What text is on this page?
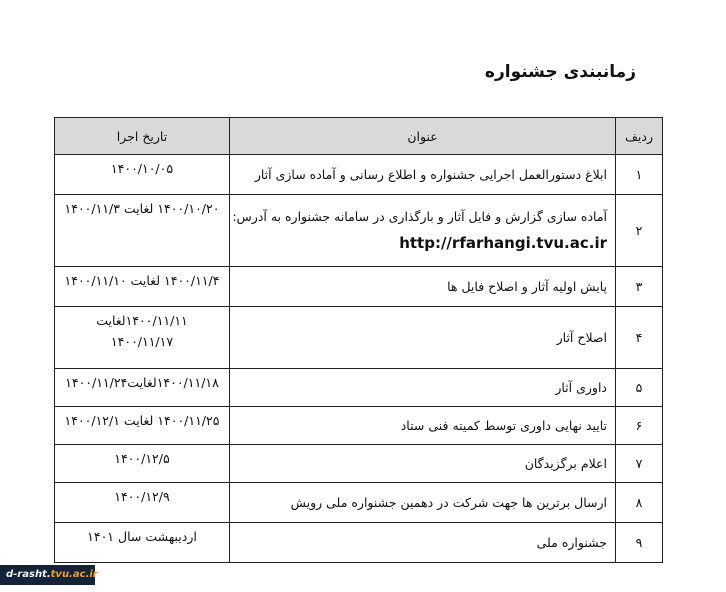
زمانبندی جشنواره
ردیف	عنوان	تاریخ اجرا
۱	ابلاغ دستورالعمل اجرایی جشنواره و اطلاع رسانی و آماده سازی آثار	۱۴۰۰/۱۰/۰۵
۲	آماده سازی گزارش و فایل آثار و بارگذاری در سامانه جشنواره به آدرس:
http://rfarhangi.tvu.ac.ir	۱۴۰۰/۱۰/۲۰ لغایت ۱۴۰۰/۱۱/۳
۳	پایش اولیه آثار و اصلاح فایل ها	۱۴۰۰/۱۱/۴ لغایت ۱۴۰۰/۱۱/۱۰
۴	اصلاح آثار	۱۴۰۰/۱۱/۱۱لغایت
۱۴۰۰/۱۱/۱۷

۵	داوری آثار	۱۴۰۰/۱۱/۱۸لغایت۱۴۰۰/۱۱/۲۴
۶	تایید نهایی داوری توسط کمیته فنی ستاد	۱۴۰۰/۱۱/۲۵ لغایت ۱۴۰۰/۱۲/۱
۷	اعلام برگزیدگان	۱۴۰۰/۱۲/۵
۸	ارسال برترین ها جهت شرکت در دهمین جشنواره ملی رویش	۱۴۰۰/۱۲/۹
۹	جشنواره ملی	اردیبهشت سال ۱۴۰۱
d-rasht.tvu.ac.ir
